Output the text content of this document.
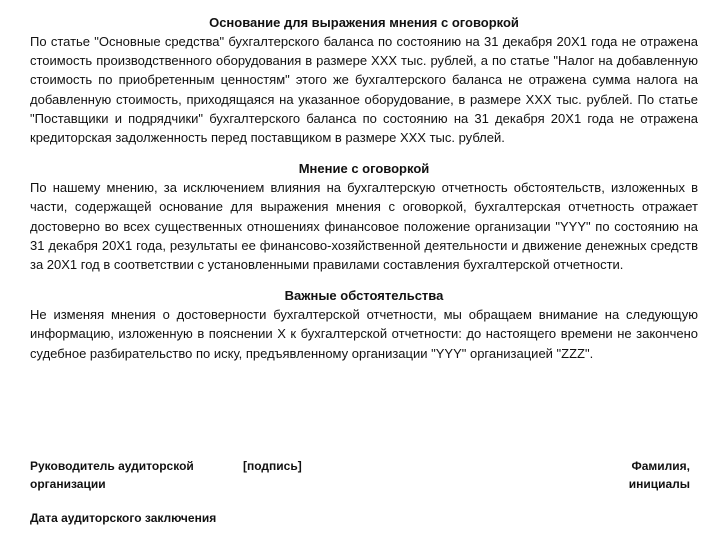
Основание для выражения мнения с оговоркой

По статье "Основные средства" бухгалтерского баланса по состоянию на 31 декабря 20X1 года не отражена стоимость производственного оборудования в размере XXX тыс. рублей, а по статье "Налог на добавленную стоимость по приобретенным ценностям" этого же бухгалтерского баланса не отражена сумма налога на добавленную стоимость, приходящаяся на указанное оборудование, в размере XXX тыс. рублей. По статье "Поставщики и подрядчики" бухгалтерского баланса по состоянию на 31 декабря 20X1 года не отражена кредиторская задолженность перед поставщиком в размере XXX тыс. рублей.

Мнение с оговоркой

По нашему мнению, за исключением влияния на бухгалтерскую отчетность обстоятельств, изложенных в части, содержащей основание для выражения мнения с оговоркой, бухгалтерская отчетность отражает достоверно во всех существенных отношениях финансовое положение организации "YYY" по состоянию на 31 декабря 20X1 года, результаты ее финансово-хозяйственной деятельности и движение денежных средств за 20X1 год в соответствии с установленными правилами составления бухгалтерской отчетности.

Важные обстоятельства

Не изменяя мнения о достоверности бухгалтерской отчетности, мы обращаем внимание на следующую информацию, изложенную в пояснении X к бухгалтерской отчетности: до настоящего времени не закончено судебное разбирательство по иску, предъявленному организации "YYY" организацией "ZZZ".

Руководитель аудиторской организации
[подпись]	Фамилия, инициалы
Дата аудиторского заключения
